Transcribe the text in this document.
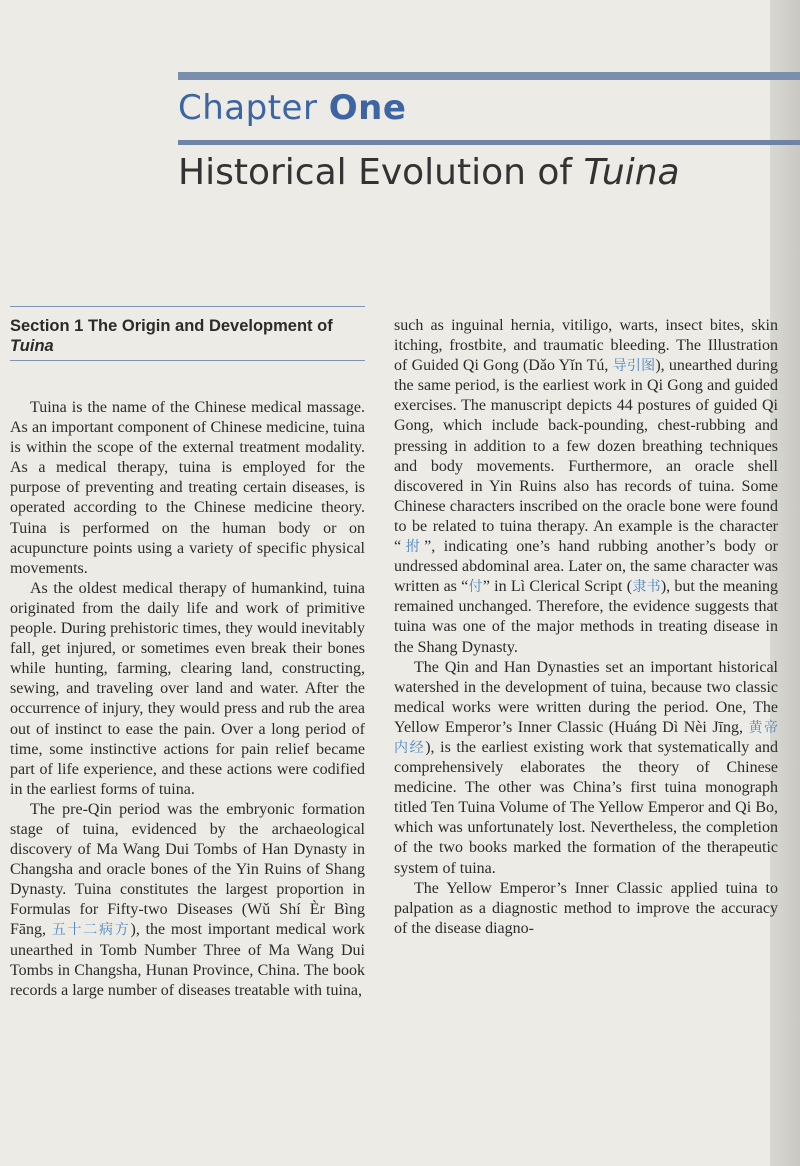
Chapter One
Historical Evolution of Tuina
Section 1 The Origin and Development of Tuina

Tuina is the name of the Chinese medical massage. As an important component of Chinese medicine, tuina is within the scope of the external treatment modality. As a medical therapy, tuina is employed for the purpose of preventing and treating certain diseases, is operated according to the Chinese medicine theory. Tuina is performed on the human body or on acupuncture points using a variety of specific physical movements.

As the oldest medical therapy of humankind, tuina originated from the daily life and work of primitive people. During prehistoric times, they would inevitably fall, get injured, or sometimes even break their bones while hunting, farming, clearing land, constructing, sewing, and traveling over land and water. After the occurrence of injury, they would press and rub the area out of instinct to ease the pain. Over a long period of time, some instinctive actions for pain relief became part of life experience, and these actions were codified in the earliest forms of tuina.

The pre-Qin period was the embryonic formation stage of tuina, evidenced by the archaeological discovery of Ma Wang Dui Tombs of Han Dynasty in Changsha and oracle bones of the Yin Ruins of Shang Dynasty. Tuina constitutes the largest proportion in Formulas for Fifty-two Diseases (Wǔ Shí Èr Bìng Fāng, 五十二病方), the most important medical work unearthed in Tomb Number Three of Ma Wang Dui Tombs in Changsha, Hunan Province, China. The book records a large number of diseases treatable with tuina,

such as inguinal hernia, vitiligo, warts, insect bites, skin itching, frostbite, and traumatic bleeding. The Illustration of Guided Qi Gong (Dǎo Yǐn Tú, 导引图), unearthed during the same period, is the earliest work in Qi Gong and guided exercises. The manuscript depicts 44 postures of guided Qi Gong, which include back-pounding, chest-rubbing and pressing in addition to a few dozen breathing techniques and body movements. Furthermore, an oracle shell discovered in Yin Ruins also has records of tuina. Some Chinese characters inscribed on the oracle bone were found to be related to tuina therapy. An example is the character “拊”, indicating one’s hand rubbing another’s body or undressed abdominal area. Later on, the same character was written as “付” in Lì Clerical Script (隶书), but the meaning remained unchanged. Therefore, the evidence suggests that tuina was one of the major methods in treating disease in the Shang Dynasty.

The Qin and Han Dynasties set an important historical watershed in the development of tuina, because two classic medical works were written during the period. One, The Yellow Emperor’s Inner Classic (Huáng Dì Nèi Jīng, 黄帝内经), is the earliest existing work that systematically and comprehensively elaborates the theory of Chinese medicine. The other was China’s first tuina monograph titled Ten Tuina Volume of The Yellow Emperor and Qi Bo, which was unfortunately lost. Nevertheless, the completion of the two books marked the formation of the therapeutic system of tuina.

The Yellow Emperor’s Inner Classic applied tuina to palpation as a diagnostic method to improve the accuracy of the disease diagno-
